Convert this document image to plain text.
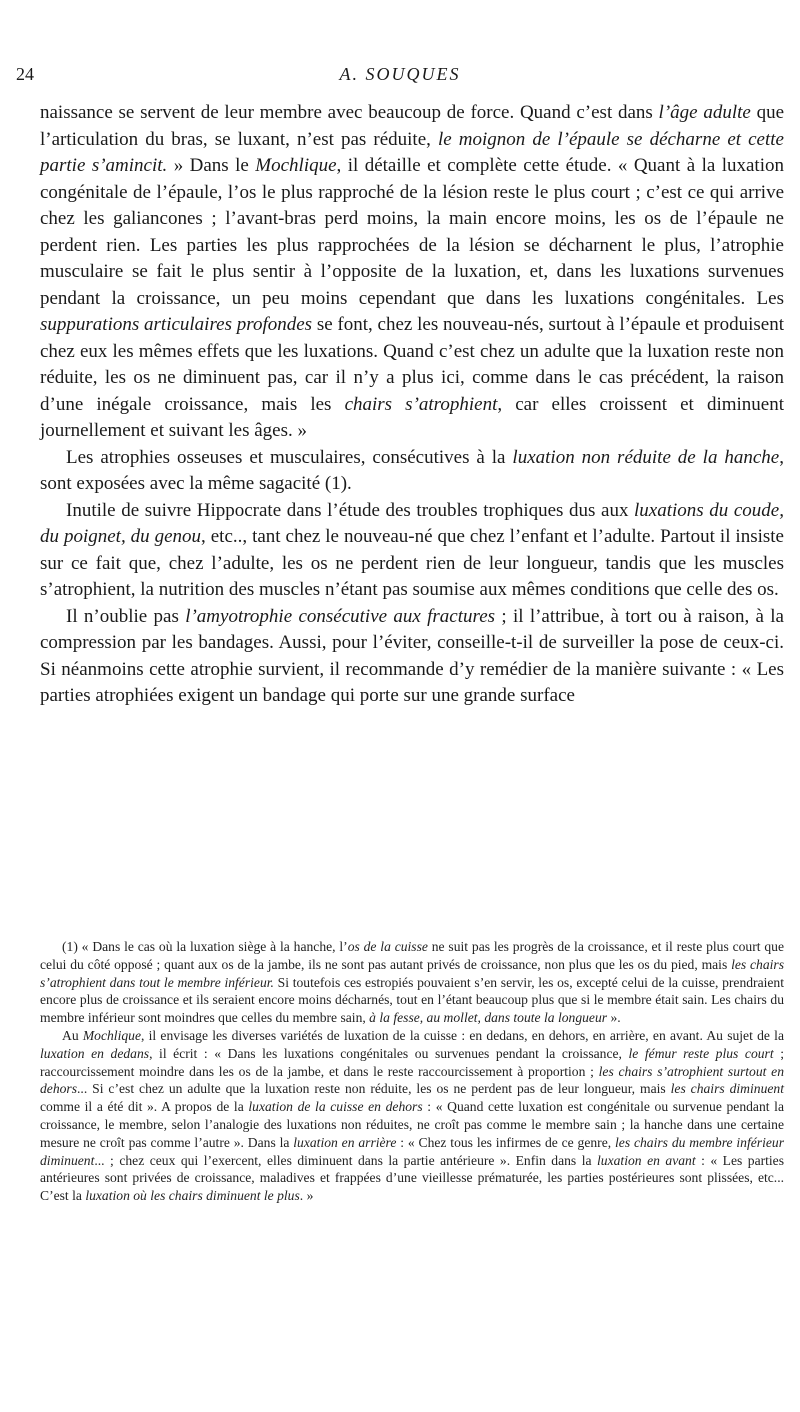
24	A. SOUQUES

naissance se servent de leur membre avec beaucoup de force. Quand c’est dans l’âge adulte que l’articulation du bras, se luxant, n’est pas réduite, le moignon de l’épaule se décharne et cette partie s’amincit. » Dans le Mochlique, il détaille et complète cette étude. « Quant à la luxation congénitale de l’épaule, l’os le plus rapproché de la lésion reste le plus court ; c’est ce qui arrive chez les galiancones ; l’avant-bras perd moins, la main encore moins, les os de l’épaule ne perdent rien. Les parties les plus rapprochées de la lésion se décharnent le plus, l’atrophie musculaire se fait le plus sentir à l’opposite de la luxation, et, dans les luxations survenues pendant la croissance, un peu moins cependant que dans les luxations congénitales. Les suppurations articulaires profondes se font, chez les nouveau-nés, surtout à l’épaule et produisent chez eux les mêmes effets que les luxations. Quand c’est chez un adulte que la luxation reste non réduite, les os ne diminuent pas, car il n’y a plus ici, comme dans le cas précédent, la raison d’une inégale croissance, mais les chairs s’atrophient, car elles croissent et diminuent journellement et suivant les âges. »

Les atrophies osseuses et musculaires, consécutives à la luxation non réduite de la hanche, sont exposées avec la même sagacité (1).

Inutile de suivre Hippocrate dans l’étude des troubles trophiques dus aux luxations du coude, du poignet, du genou, etc.., tant chez le nouveau-né que chez l’enfant et l’adulte. Partout il insiste sur ce fait que, chez l’adulte, les os ne perdent rien de leur longueur, tandis que les muscles s’atrophient, la nutrition des muscles n’étant pas soumise aux mêmes conditions que celle des os.

Il n’oublie pas l’amyotrophie consécutive aux fractures ; il l’attribue, à tort ou à raison, à la compression par les bandages. Aussi, pour l’éviter, conseille-t-il de surveiller la pose de ceux-ci. Si néanmoins cette atrophie survient, il recommande d’y remédier de la manière suivante : « Les parties atrophiées exigent un bandage qui porte sur une grande surface

(1) « Dans le cas où la luxation siège à la hanche, l’os de la cuisse ne suit pas les progrès de la croissance, et il reste plus court que celui du côté opposé ; quant aux os de la jambe, ils ne sont pas autant privés de croissance, non plus que les os du pied, mais les chairs s’atrophient dans tout le membre inférieur. Si toutefois ces estropiés pouvaient s’en servir, les os, excepté celui de la cuisse, prendraient encore plus de croissance et ils seraient encore moins décharnés, tout en l’étant beaucoup plus que si le membre était sain. Les chairs du membre inférieur sont moindres que celles du membre sain, à la fesse, au mollet, dans toute la longueur ».

Au Mochlique, il envisage les diverses variétés de luxation de la cuisse : en dedans, en dehors, en arrière, en avant. Au sujet de la luxation en dedans, il écrit : « Dans les luxations congénitales ou survenues pendant la croissance, le fémur reste plus court ; raccourcissement moindre dans les os de la jambe, et dans le reste raccourcissement à proportion ; les chairs s’atrophient surtout en dehors... Si c’est chez un adulte que la luxation reste non réduite, les os ne perdent pas de leur longueur, mais les chairs diminuent comme il a été dit ». A propos de la luxation de la cuisse en dehors : « Quand cette luxation est congénitale ou survenue pendant la croissance, le membre, selon l’analogie des luxations non réduites, ne croît pas comme le membre sain ; la hanche dans une certaine mesure ne croît pas comme l’autre ». Dans la luxation en arrière : « Chez tous les infirmes de ce genre, les chairs du membre inférieur diminuent... ; chez ceux qui l’exercent, elles diminuent dans la partie antérieure ». Enfin dans la luxation en avant : « Les parties antérieures sont privées de croissance, maladives et frappées d’une vieillesse prématurée, les parties postérieures sont plissées, etc... C’est la luxation où les chairs diminuent le plus. »
